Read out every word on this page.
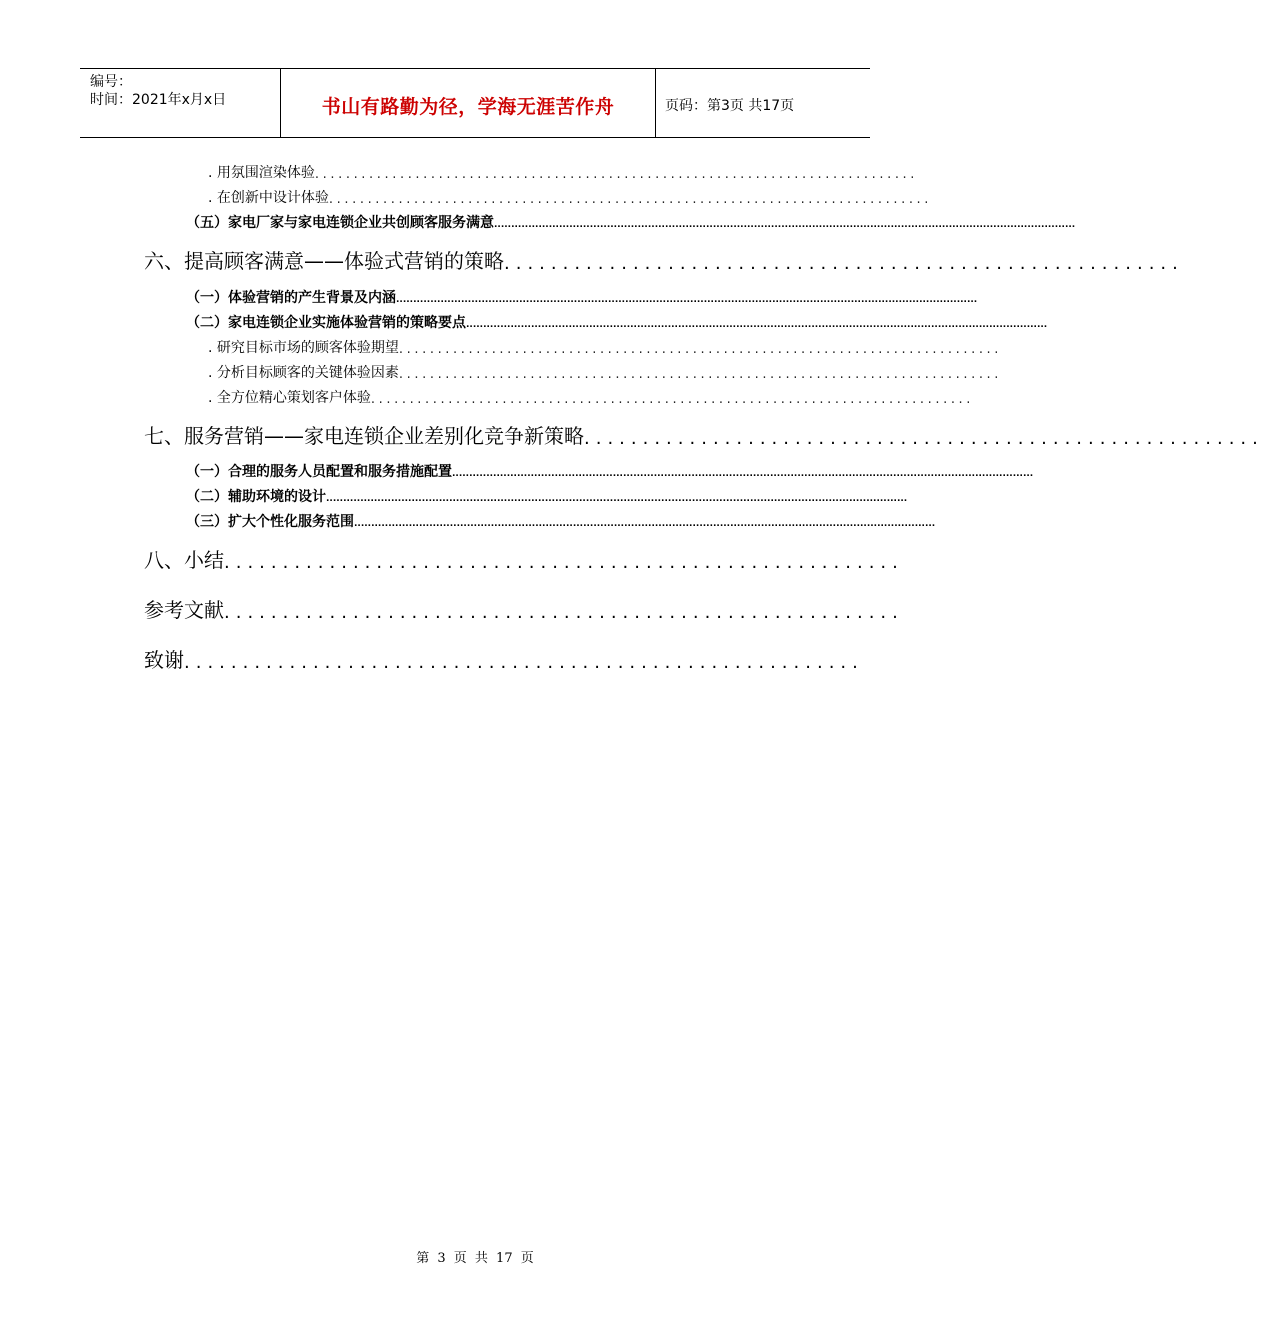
编号：
时间：2021年x月x日	书山有路勤为径，学海无涯苦作舟	页码：第3页 共17页
. 用氛围渲染体验 ..............................................................................
. 在创新中设计体验 ..............................................................................
（五）家电厂家与家电连锁企业共创顾客服务满意 ..........................................................................................................................................................................
六、提高顾客满意——体验式营销的策略 ..........................................................
（一）体验营销的产生背景及内涵 ..........................................................................................................................................................................
（二）家电连锁企业实施体验营销的策略要点 ..........................................................................................................................................................................
. 研究目标市场的顾客体验期望 ..............................................................................
. 分析目标顾客的关键体验因素 ..............................................................................
. 全方位精心策划客户体验 ..............................................................................
七、服务营销——家电连锁企业差别化竞争新策略 ..........................................................
（一）合理的服务人员配置和服务措施配置 ..........................................................................................................................................................................
（二）辅助环境的设计 ..........................................................................................................................................................................
（三）扩大个性化服务范围 ..........................................................................................................................................................................
八、小结 ..........................................................
参考文献 ..........................................................
致谢 ..........................................................
第 3 页 共 17 页
